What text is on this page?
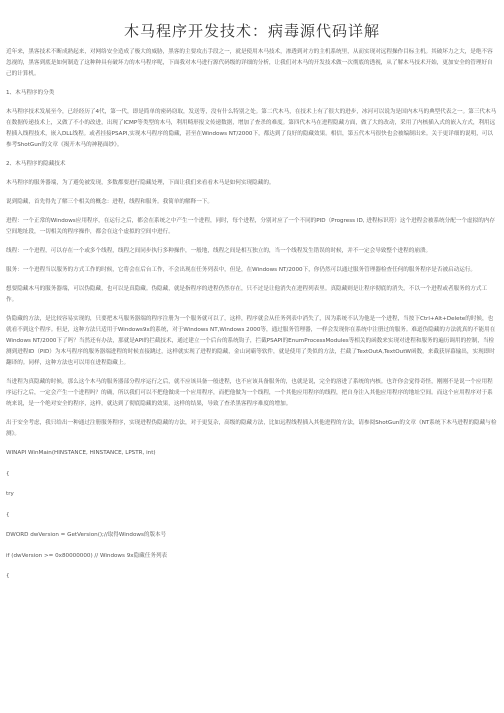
木马程序开发技术：病毒源代码详解

近年来，黑客技术不断成熟起来，对网络安全造成了极大的威胁，黑客的主要攻击手段之一，就是使用木马技术，渗透到对方的主机系统里，从而实现对远程操作目标主机。其破坏力之大，是绝不容忽视的，黑客到底是如何制造了这种种具有破坏力的木马程序呢，下面我对木马进行源代码级的详细的分析，让我们对木马的开发技术做一次彻底的透视，从了解木马技术开始，更加安全的管理好自己的计算机。

1、木马程序的分类

木马程序技术发展至今，已经经历了4代，第一代，即是简单的密码窃取，发送等，没有什么特别之处。第二代木马，在技术上有了很大的进步，冰河可以说为是国内木马的典型代表之一。第三代木马在数据传递技术上，又做了不小的改进，出现了ICMP等类型的木马，利用畸形报文传递数据，增加了查杀的难度。第四代木马在进程隐藏方面，做了大的改动，采用了内核插入式的嵌入方式，利用远程插入线程技术，嵌入DLL线程。或者挂接PSAPI,实现木马程序的隐藏，甚至在Windows NT/2000下，都达到了良好的隐藏效果。相信，第五代木马很快也会被编制出来。关于更详细的说明，可以参考ShotGun的文章《揭开木马的神秘面纱》。

2、木马程序的隐藏技术

木马程序的服务器端，为了避免被发现，多数都要进行隐藏处理，下面让我们来看看木马是如何实现隐藏的。

说到隐藏，首先得先了解三个相关的概念：进程，线程和服务。我简单的解释一下。

进程：一个正常的Windows应用程序，在运行之后，都会在系统之中产生一个进程，同时，每个进程，分别对应了一个不同的PID（Progress ID, 进程标识符）这个进程会被系统分配一个虚拟的内存空间地址段，一切相关的程序操作，都会在这个虚拟的空间中进行。

线程：一个进程，可以存在一个或多个线程，线程之间同步执行多种操作，一般地，线程之间是相互独立的，当一个线程发生错误的时候，并不一定会导致整个进程的崩溃。

服务：一个进程当以服务的方式工作的时候，它将会在后台工作，不会出现在任务列表中，但是，在Windows NT/2000下，你仍然可以通过服务管理器检查任何的服务程序是否被启动运行。

想要隐藏木马的服务器端，可以伪隐藏，也可以是真隐藏。伪隐藏，就是指程序的进程仍然存在，只不过是让他消失在进程列表里。真隐藏则是让程序彻底的消失，不以一个进程或者服务的方式工作。

伪隐藏的方法，是比较容易实现的，只要把木马服务器端的程序注册为一个服务就可以了，这样，程序就会从任务列表中消失了，因为系统不认为他是一个进程，当按下Ctrl+Alt+Delete的时候，也就看不到这个程序。但是，这种方法只适用于Windows9x的系统，对于Windows NT,Windows 2000等，通过服务管理器，一样会发现你在系统中注册过的服务。难道伪隐藏的方法就真的不能用在Windows NT/2000下了吗？当然还有办法，那就是API的拦截技术，通过建立一个后台的系统钩子，拦截PSAPI的EnumProcessModules等相关的函数来实现对进程和服务的遍历调用的控制，当检测到进程ID（PID）为木马程序的服务器端进程的时候直接跳过，这样就实现了进程的隐藏，金山词霸等软件，就是使用了类似的方法，拦截了TextOutA,TextOutW函数，来截获屏幕输出，实现即时翻译的。同样，这种方法也可以用在进程隐藏上。

当进程为真隐藏的时候，那么这个木马的服务器部分程序运行之后，就不应该具备一般进程，也不应该具备服务的，也就是说，完全的溶进了系统的内核。也许你会觉得奇怪，刚刚不是说一个应用程序运行之后，一定会产生一个进程吗？的确，所以我们可以不把他做成一个应用程序，而把他做为一个线程，一个其他应用程序的线程，把自身注入其他应用程序的地址空间。而这个应用程序对于系统来说，是一个绝对安全的程序，这样，就达到了彻底隐藏的效果，这样的结果，导致了查杀黑客程序难度的增加。

出于安全考虑，我只给出一种通过注册服务程序，实现进程伪隐藏的方法，对于更复杂，高级的隐藏方法，比如远程线程插入其他进程的方法，请参阅ShotGun的文章《NT系统下木马进程的隐藏与检测》。

WINAPI WinMain(HINSTANCE, HINSTANCE, LPSTR, int)

{

try

{

DWORD dwVersion = GetVersion();//取得Windows的版本号

if (dwVersion >= 0x80000000) // Windows 9x隐藏任务列表

{
